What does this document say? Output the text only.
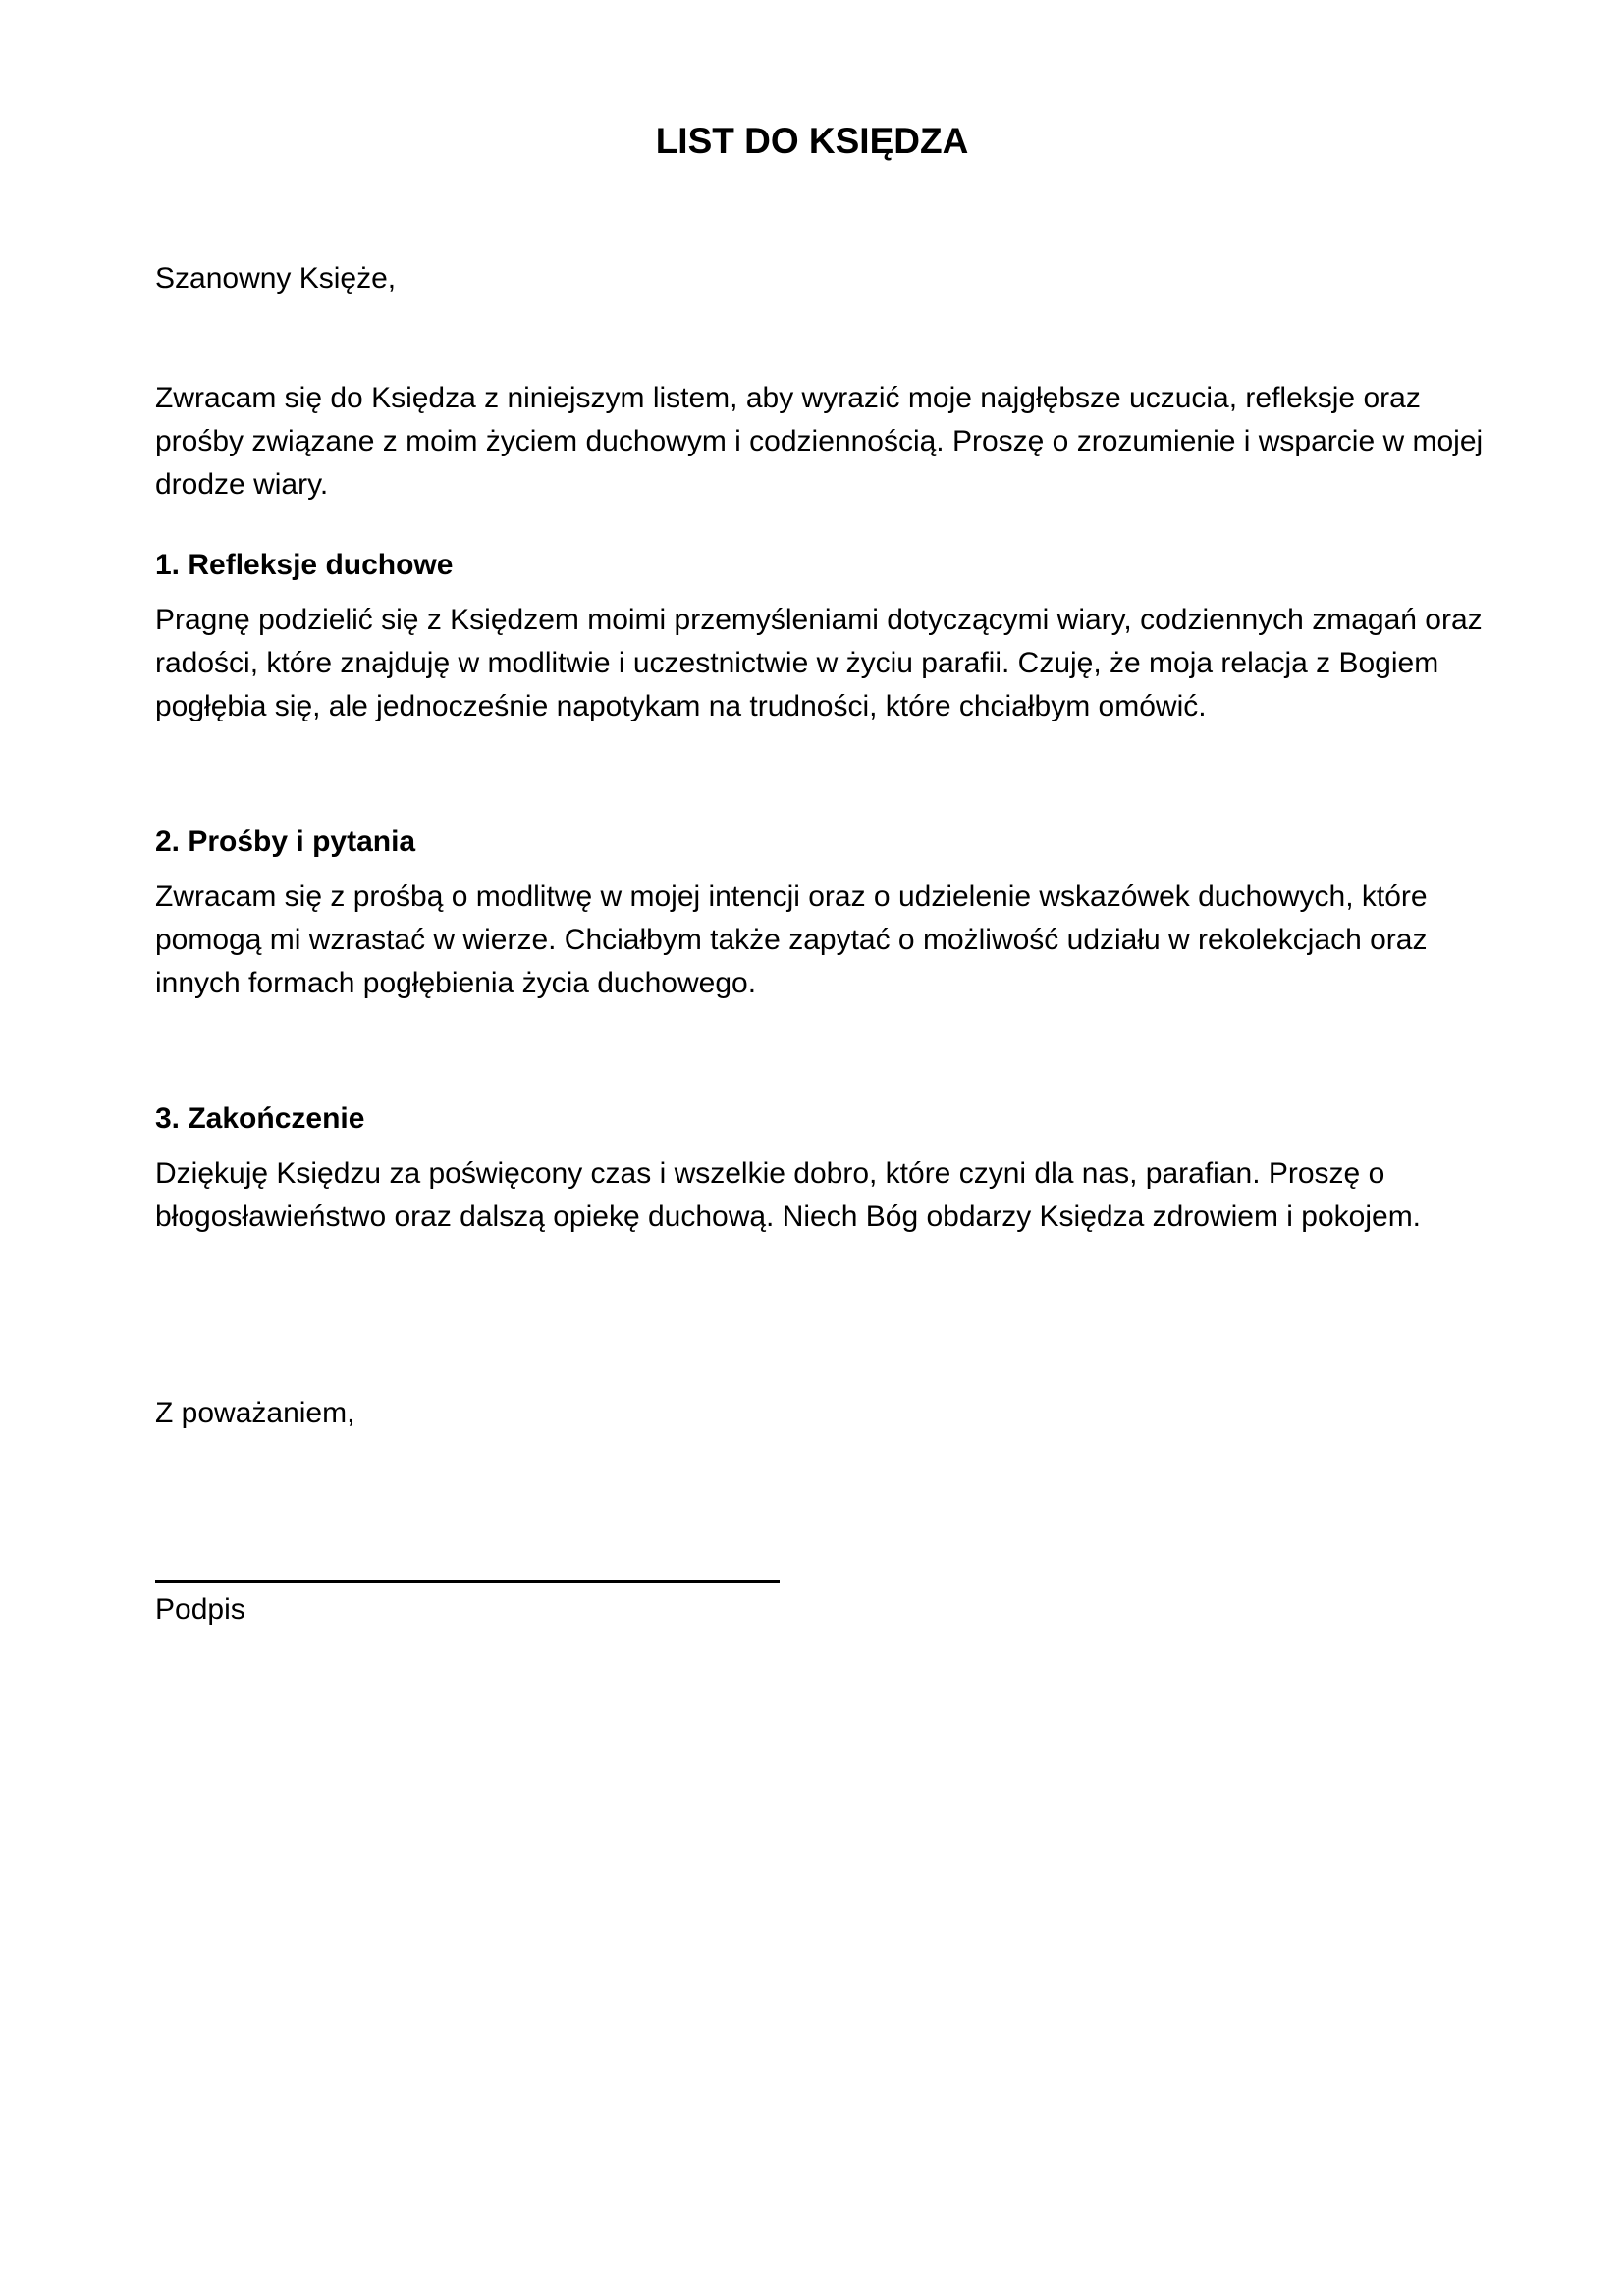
LIST DO KSIĘDZA

Szanowny Księże,

Zwracam się do Księdza z niniejszym listem, aby wyrazić moje najgłębsze uczucia, refleksje oraz prośby związane z moim życiem duchowym i codziennością. Proszę o zrozumienie i wsparcie w mojej drodze wiary.

1. Refleksje duchowe

Pragnę podzielić się z Księdzem moimi przemyśleniami dotyczącymi wiary, codziennych zmagań oraz radości, które znajduję w modlitwie i uczestnictwie w życiu parafii. Czuję, że moja relacja z Bogiem pogłębia się, ale jednocześnie napotykam na trudności, które chciałbym omówić.

2. Prośby i pytania

Zwracam się z prośbą o modlitwę w mojej intencji oraz o udzielenie wskazówek duchowych, które pomogą mi wzrastać w wierze. Chciałbym także zapytać o możliwość udziału w rekolekcjach oraz innych formach pogłębienia życia duchowego.

3. Zakończenie

Dziękuję Księdzu za poświęcony czas i wszelkie dobro, które czyni dla nas, parafian. Proszę o błogosławieństwo oraz dalszą opiekę duchową. Niech Bóg obdarzy Księdza zdrowiem i pokojem.

Z poważaniem,

Podpis
